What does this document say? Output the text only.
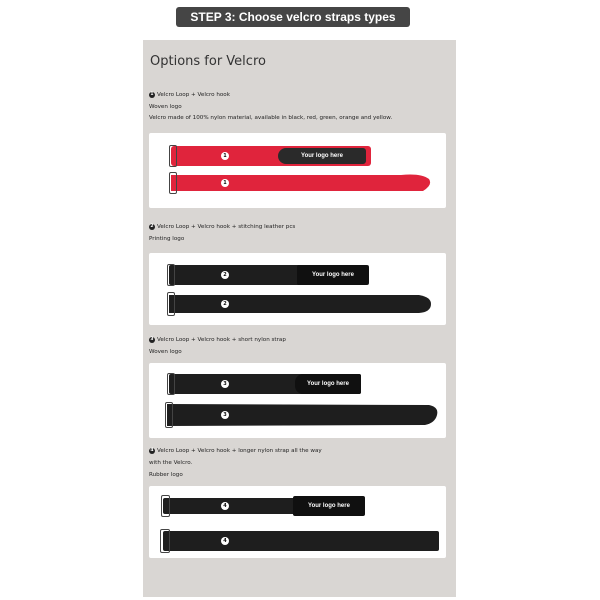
STEP 3: Choose velcro straps types
Options for Velcro
1 Velcro Loop + Velcro hook
Woven logo
Velcro made of 100% nylon material, available in black, red, green, orange and yellow.
1	Your logo here
1
2 Velcro Loop + Velcro hook + stitching leather pcs
Printing logo
2	Your logo here
2
3 Velcro Loop + Velcro hook + short nylon strap
Woven logo
3	Your logo here
3
4 Velcro Loop + Velcro hook + longer nylon strap all the way
with the Velcro.
Rubber logo
4	Your logo here
4
